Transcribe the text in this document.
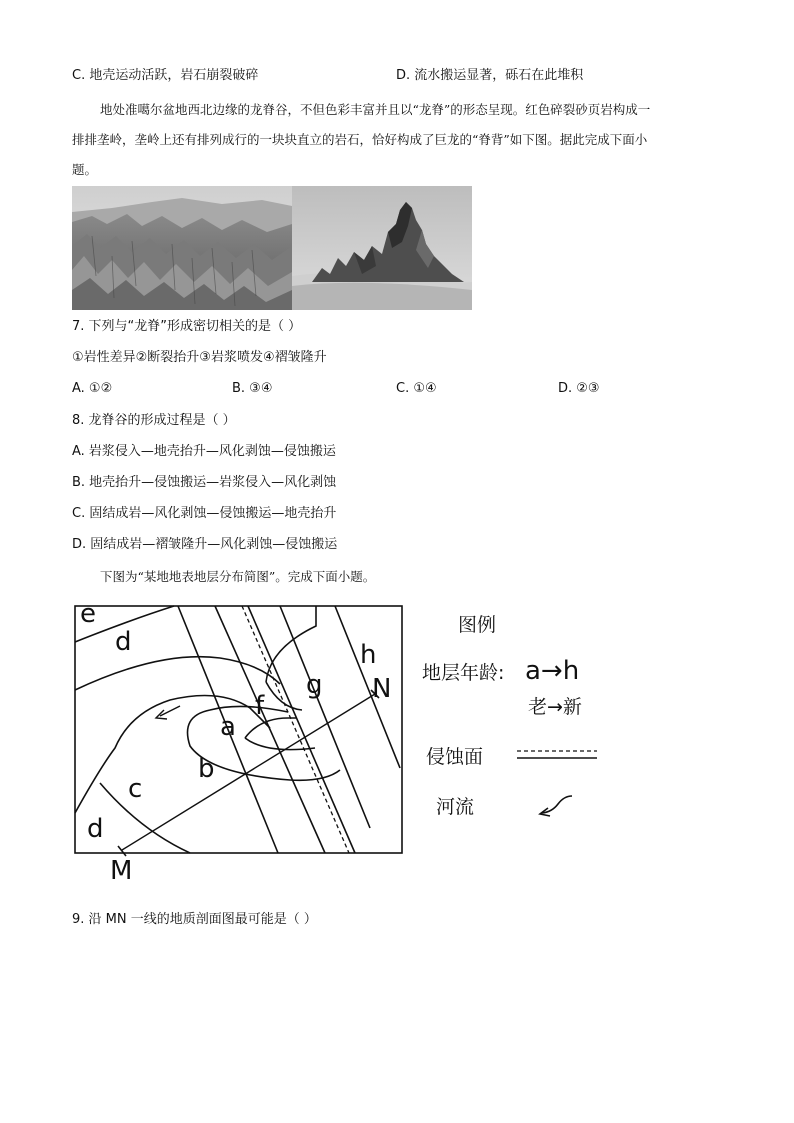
C. 地壳运动活跃，岩石崩裂破碎	D. 流水搬运显著，砾石在此堆积
地处准噶尔盆地西北边缘的龙脊谷，不但色彩丰富并且以“龙脊”的形态呈现。红色碎裂砂页岩构成一
排排垄岭，垄岭上还有排列成行的一块块直立的岩石，恰好构成了巨龙的“脊背”如下图。据此完成下面小
题。
7. 下列与“龙脊”形成密切相关的是（ ）
①岩性差异②断裂抬升③岩浆喷发④褶皱隆升
A. ①②	B. ③④	C. ①④	D. ②③
8. 龙脊谷的形成过程是（ ）
A. 岩浆侵入—地壳抬升—风化剥蚀—侵蚀搬运
B. 地壳抬升—侵蚀搬运—岩浆侵入—风化剥蚀
C. 固结成岩—风化剥蚀—侵蚀搬运—地壳抬升
D. 固结成岩—褶皱隆升—风化剥蚀—侵蚀搬运
下图为“某地地表地层分布简图”。完成下面小题。
e
d	h
g N
f
a
b
c
d
M
图例
地层年龄: a→h
老→新
侵蚀面
河流
9. 沿 MN 一线的地质剖面图最可能是（ ）
